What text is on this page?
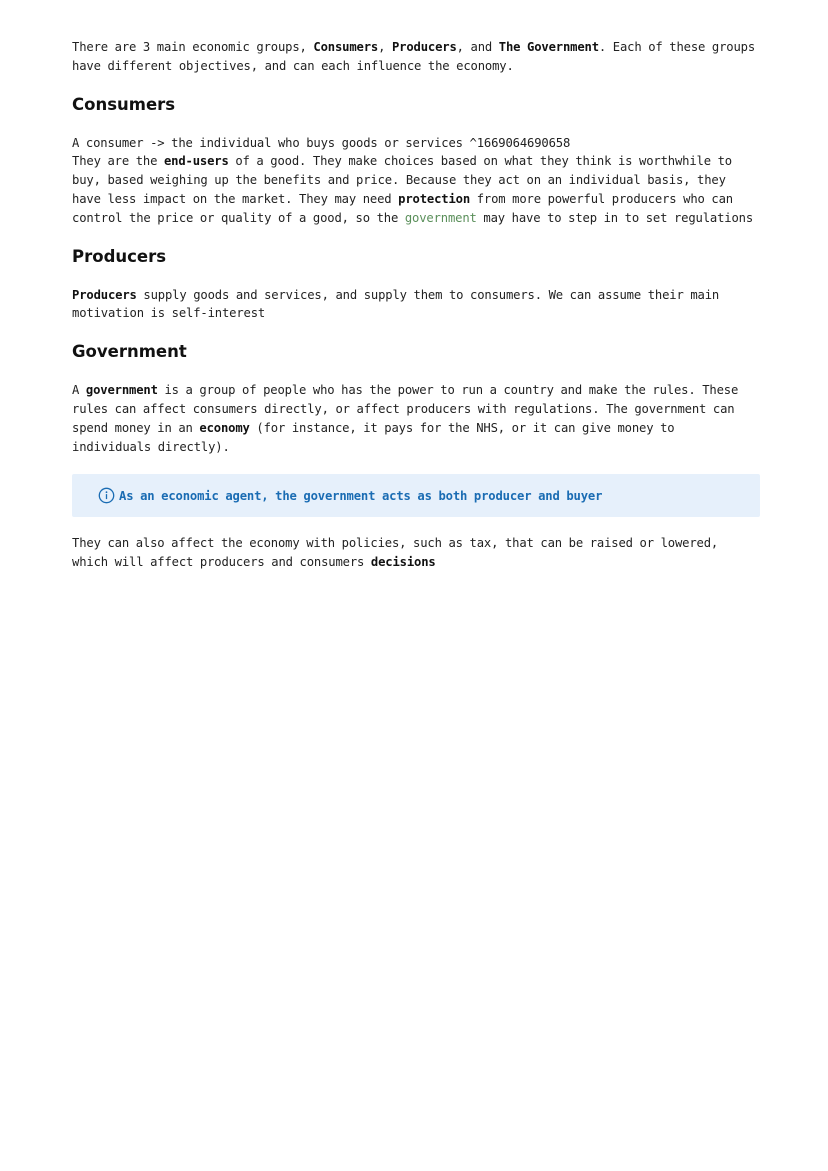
There are 3 main economic groups, Consumers, Producers, and The Government. Each of these groups have different objectives, and can each influence the economy.

Consumers

A consumer -> the individual who buys goods or services ^1669064690658
They are the end-users of a good. They make choices based on what they think is worthwhile to buy, based weighing up the benefits and price. Because they act on an individual basis, they have less impact on the market. They may need protection from more powerful producers who can control the price or quality of a good, so the government may have to step in to set regulations

Producers

Producers supply goods and services, and supply them to consumers. We can assume their main motivation is self-interest

Government

A government is a group of people who has the power to run a country and make the rules. These rules can affect consumers directly, or affect producers with regulations. The government can spend money in an economy (for instance, it pays for the NHS, or it can give money to individuals directly).

As an economic agent, the government acts as both producer and buyer

They can also affect the economy with policies, such as tax, that can be raised or lowered, which will affect producers and consumers decisions
